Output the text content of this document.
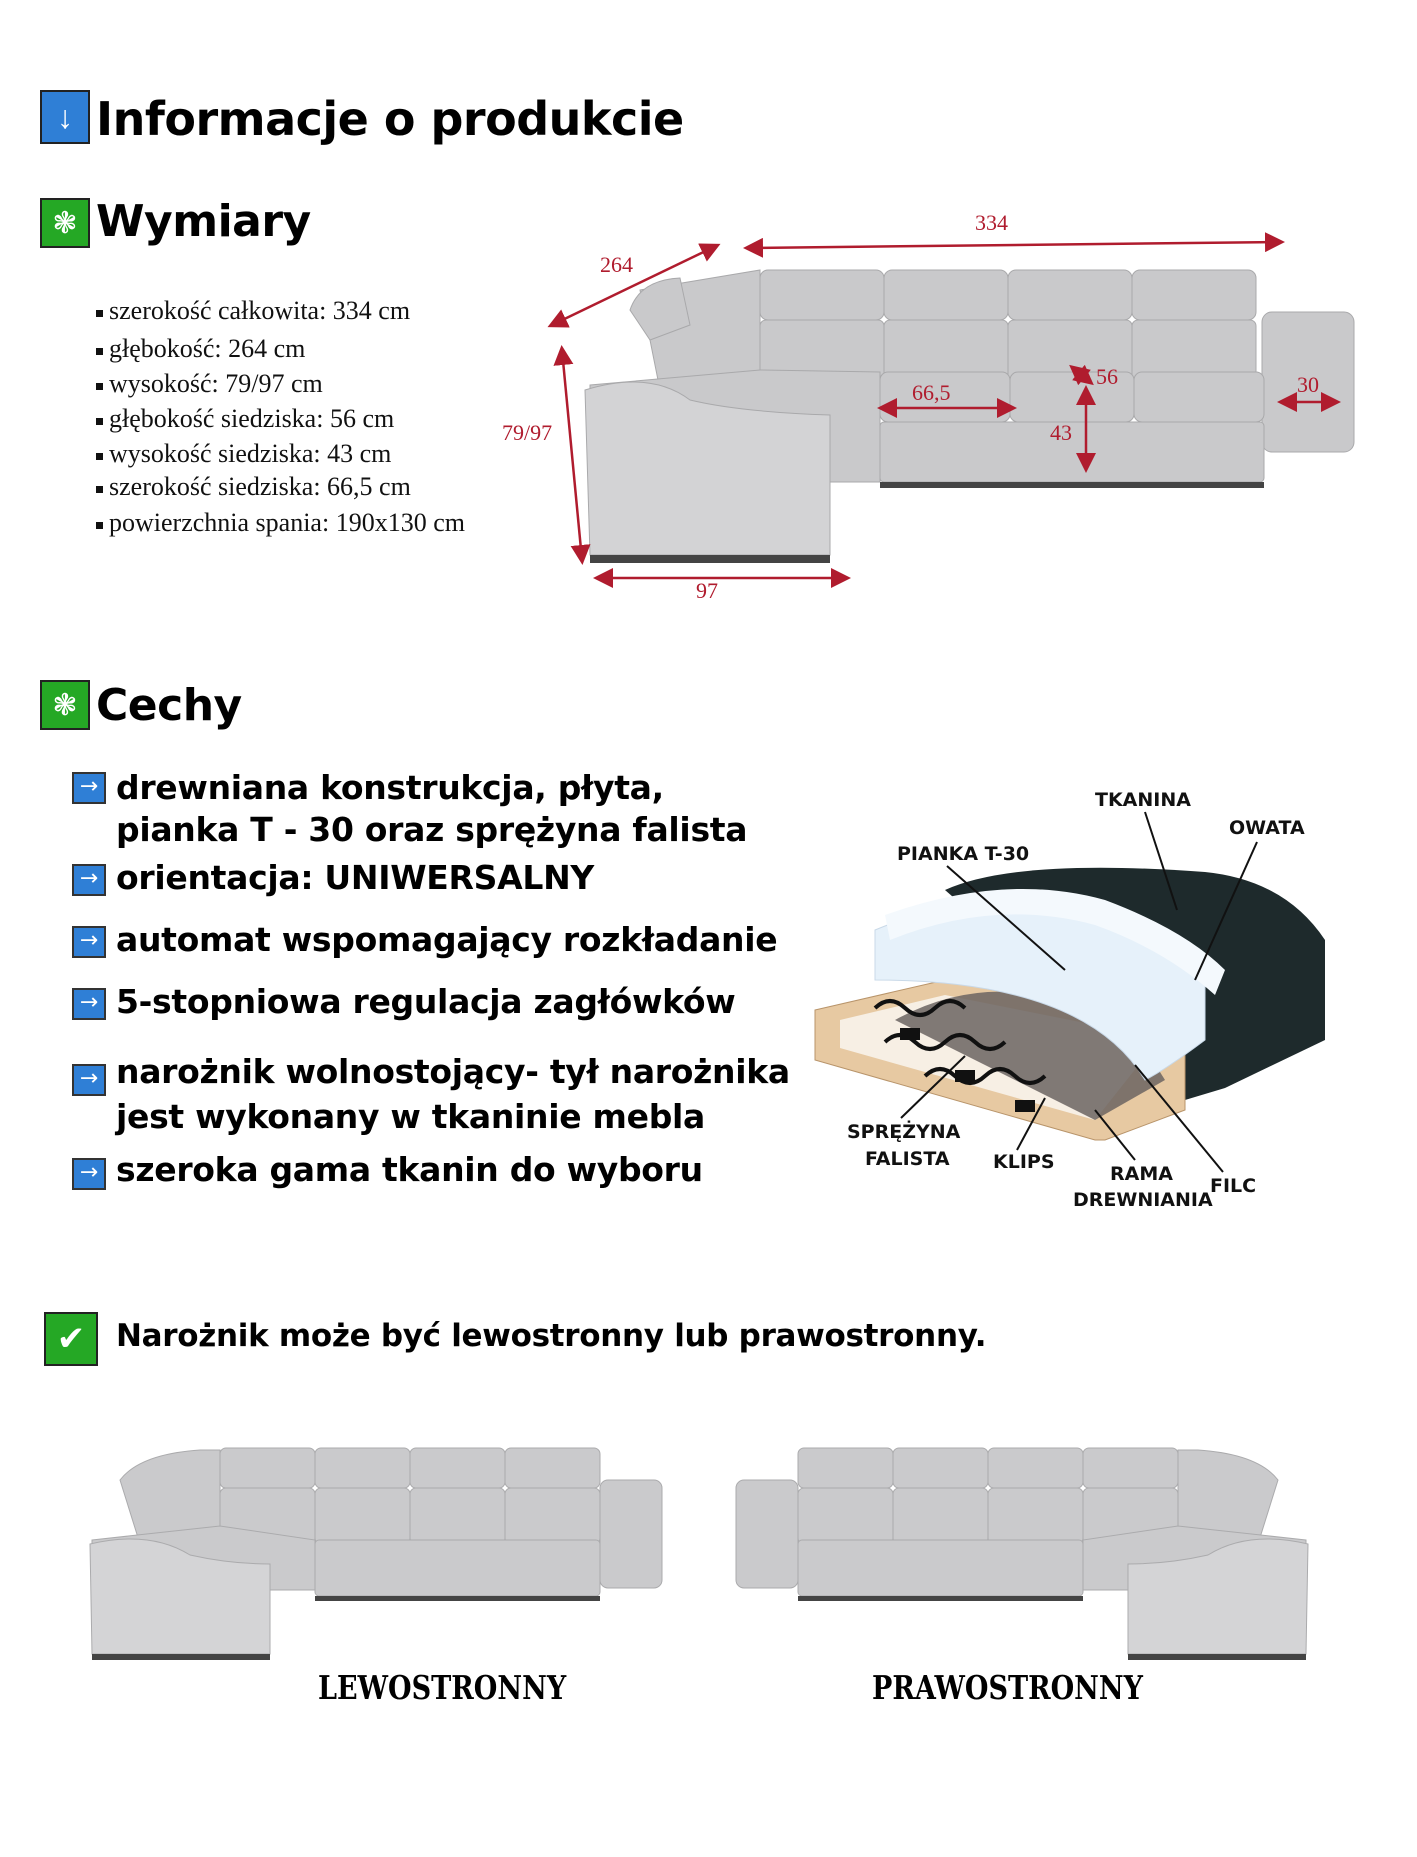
↓ Informacje o produkcie
❃ Wymiary
szerokość całkowita: 334 cm
głębokość: 264 cm
wysokość: 79/97 cm
głębokość siedziska: 56 cm
wysokość siedziska: 43 cm
szerokość siedziska: 66,5 cm
powierzchnia spania: 190x130 cm
334
264
79/97
66,5
56
43
30
97
❃ Cechy
→ drewniana konstrukcja, płyta,
pianka T - 30 oraz sprężyna falista
→ orientacja: UNIWERSALNY
→ automat wspomagający rozkładanie
→ 5-stopniowa regulacja zagłówków
→ narożnik wolnostojący- tył narożnika
jest wykonany w tkaninie mebla
→ szeroka gama tkanin do wyboru
TKANINA
OWATA
PIANKA T-30
SPRĘŻYNA
FALISTA KLIPS
RAMA
DREWNIANIA
FILC
✔ Narożnik może być lewostronny lub prawostronny.
LEWOSTRONNY	PRAWOSTRONNY
